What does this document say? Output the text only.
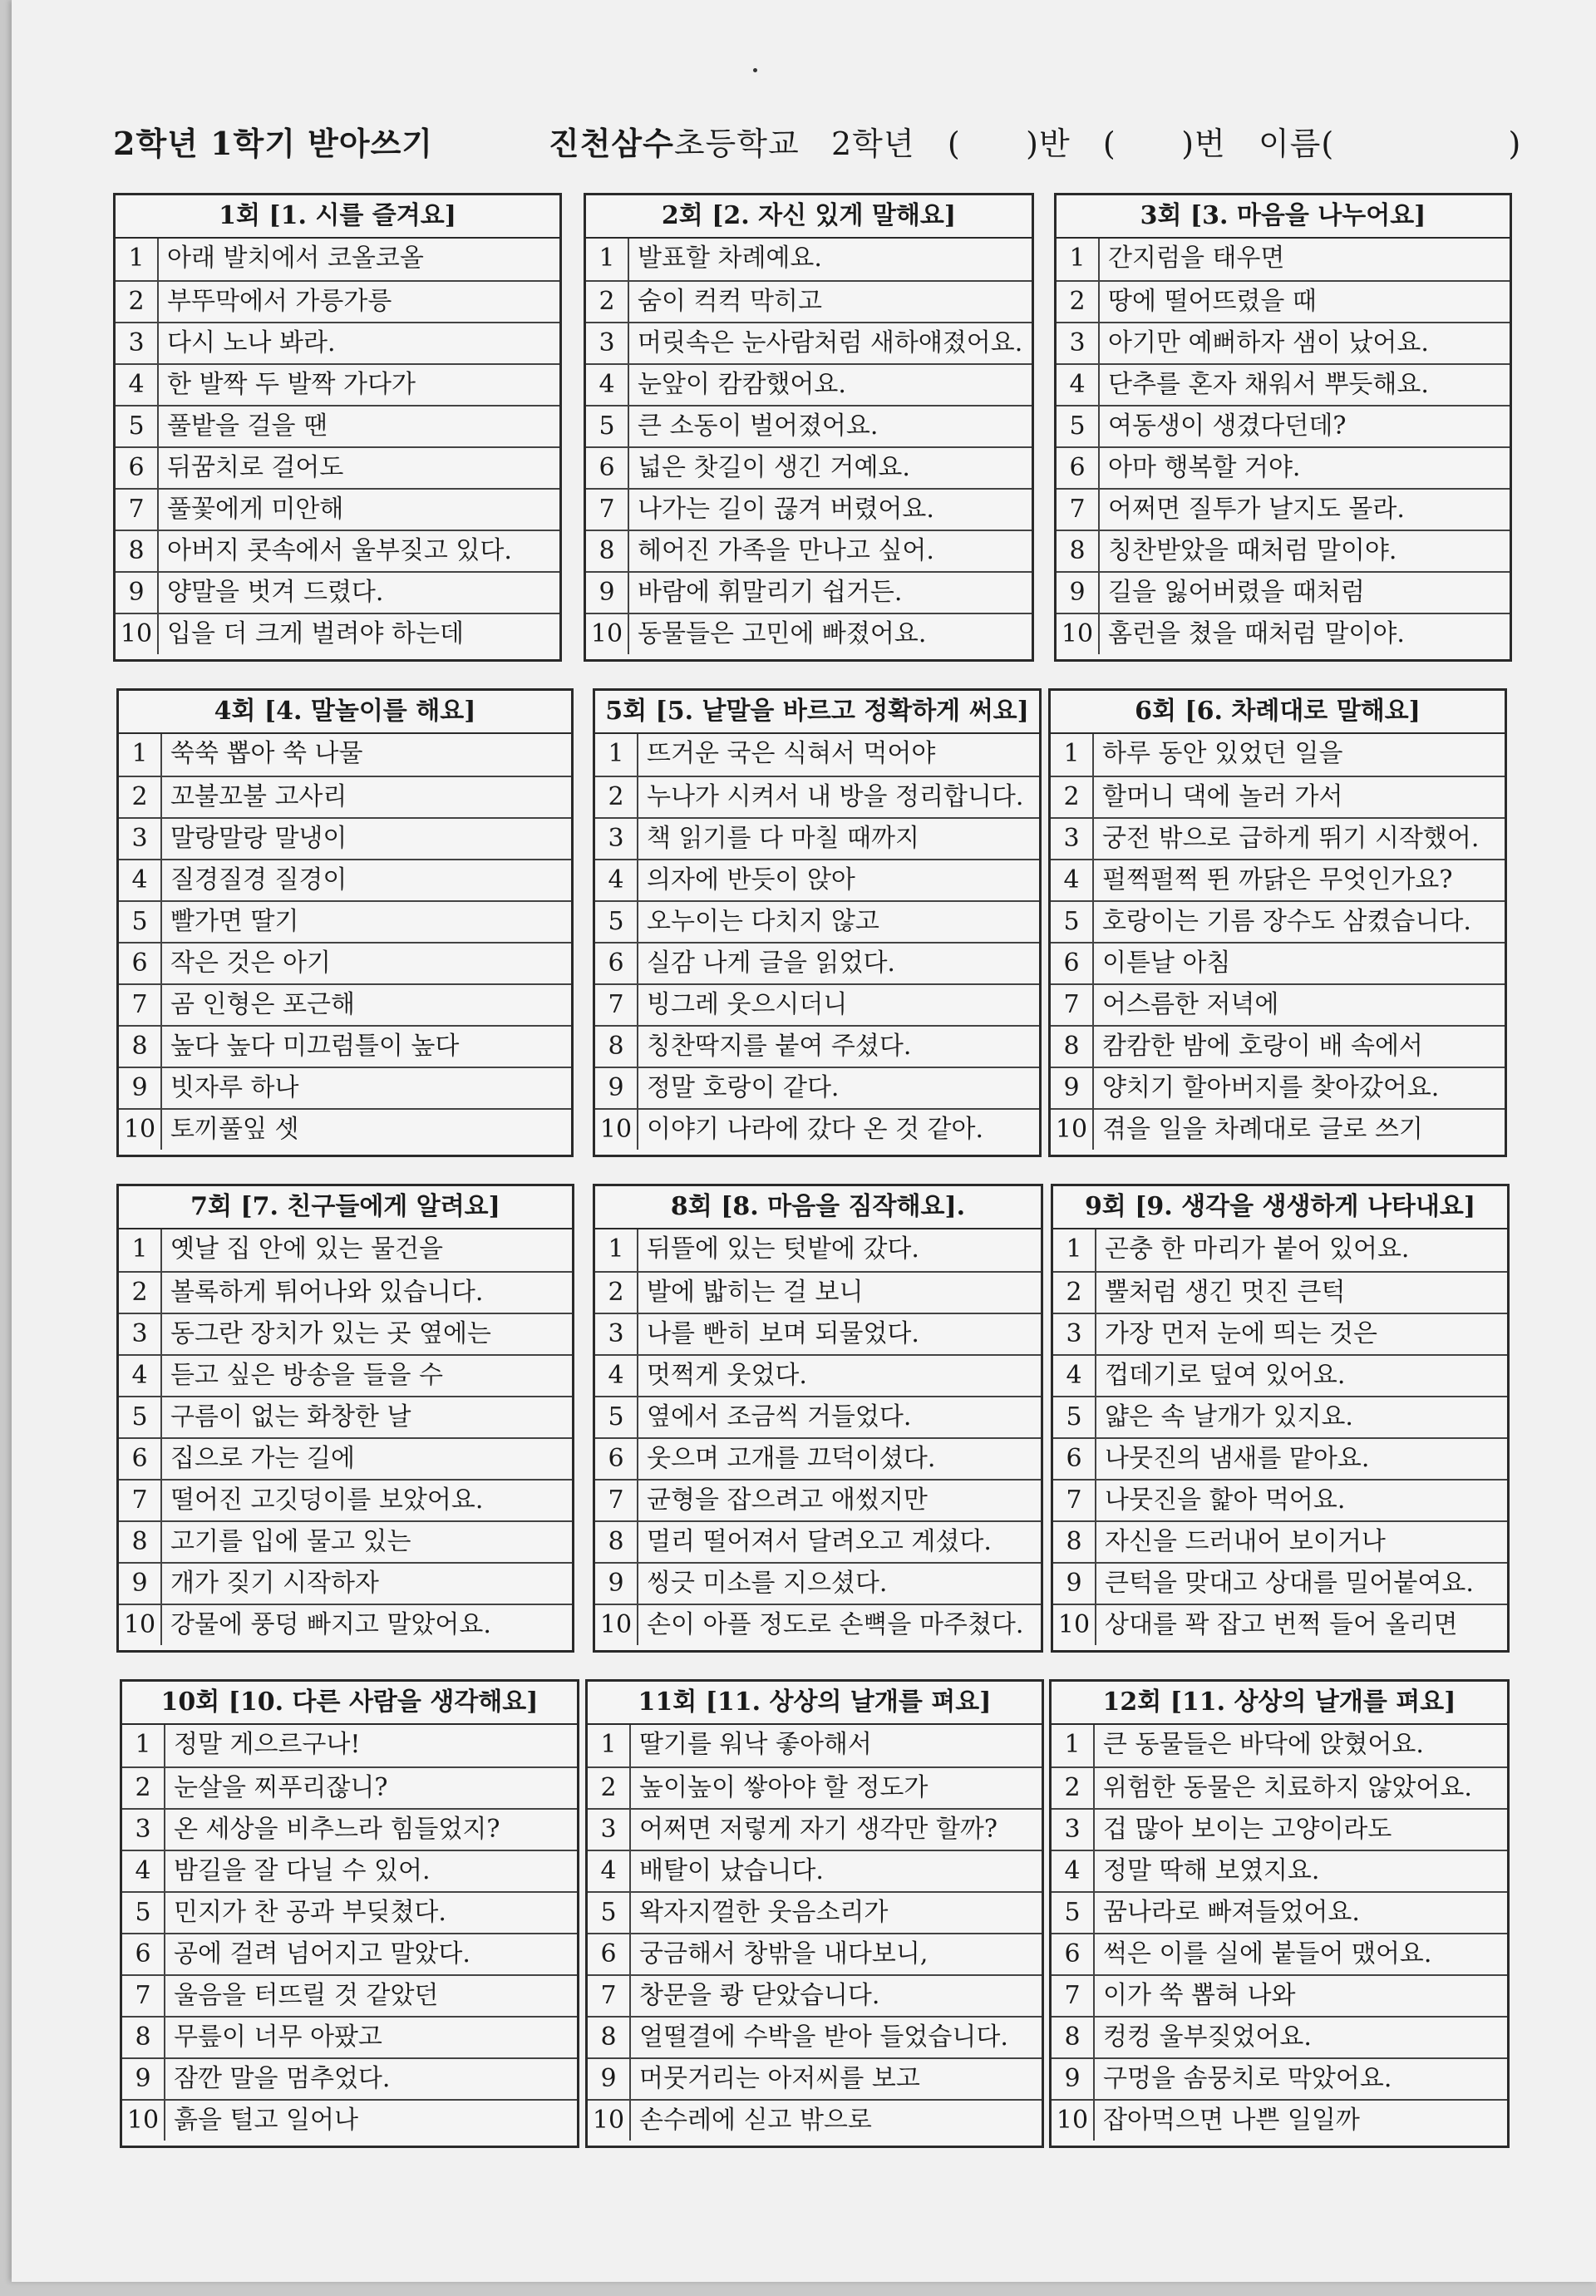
2학년 1학기 받아쓰기	진천삼수초등학교 2학년   (      )반   (      )번   이름(                )
1회 [1. 시를 즐겨요]
1 아래 발치에서 코올코올
2 부뚜막에서 가릉가릉
3 다시 노나 봐라.
4 한 발짝 두 발짝 가다가
5 풀밭을 걸을 땐
6 뒤꿈치로 걸어도
7 풀꽃에게 미안해
8 아버지 콧속에서 울부짖고 있다.
9 양말을 벗겨 드렸다.
10 입을 더 크게 벌려야 하는데
2회 [2. 자신 있게 말해요]
1 발표할 차례예요.
2 숨이 컥컥 막히고
3 머릿속은 눈사람처럼 새하얘졌어요.
4 눈앞이 캄캄했어요.
5 큰 소동이 벌어졌어요.
6 넓은 찻길이 생긴 거예요.
7 나가는 길이 끊겨 버렸어요.
8 헤어진 가족을 만나고 싶어.
9 바람에 휘말리기 쉽거든.
10 동물들은 고민에 빠졌어요.
3회 [3. 마음을 나누어요]
1 간지럼을 태우면
2 땅에 떨어뜨렸을 때
3 아기만 예뻐하자 샘이 났어요.
4 단추를 혼자 채워서 뿌듯해요.
5 여동생이 생겼다던데?
6 아마 행복할 거야.
7 어쩌면 질투가 날지도 몰라.
8 칭찬받았을 때처럼 말이야.
9 길을 잃어버렸을 때처럼
10 홈런을 쳤을 때처럼 말이야.
4회 [4. 말놀이를 해요]
1 쑥쑥 뽑아 쑥 나물
2 꼬불꼬불 고사리
3 말랑말랑 말냉이
4 질경질경 질경이
5 빨가면 딸기
6 작은 것은 아기
7 곰 인형은 포근해
8 높다 높다 미끄럼틀이 높다
9 빗자루 하나
10 토끼풀잎 셋
5회 [5. 낱말을 바르고 정확하게 써요]
1 뜨거운 국은 식혀서 먹어야
2 누나가 시켜서 내 방을 정리합니다.
3 책 읽기를 다 마칠 때까지
4 의자에 반듯이 앉아
5 오누이는 다치지 않고
6 실감 나게 글을 읽었다.
7 빙그레 웃으시더니
8 칭찬딱지를 붙여 주셨다.
9 정말 호랑이 같다.
10 이야기 나라에 갔다 온 것 같아.
6회 [6. 차례대로 말해요]
1 하루 동안 있었던 일을
2 할머니 댁에 놀러 가서
3 궁전 밖으로 급하게 뛰기 시작했어.
4 펄쩍펄쩍 뛴 까닭은 무엇인가요?
5 호랑이는 기름 장수도 삼켰습니다.
6 이튿날 아침
7 어스름한 저녁에
8 캄캄한 밤에 호랑이 배 속에서
9 양치기 할아버지를 찾아갔어요.
10 겪을 일을 차례대로 글로 쓰기
7회 [7. 친구들에게 알려요]
1 옛날 집 안에 있는 물건을
2 볼록하게 튀어나와 있습니다.
3 동그란 장치가 있는 곳 옆에는
4 듣고 싶은 방송을 들을 수
5 구름이 없는 화창한 날
6 집으로 가는 길에
7 떨어진 고깃덩이를 보았어요.
8 고기를 입에 물고 있는
9 개가 짖기 시작하자
10 강물에 풍덩 빠지고 말았어요.
8회 [8. 마음을 짐작해요].
1 뒤뜰에 있는 텃밭에 갔다.
2 발에 밟히는 걸 보니
3 나를 빤히 보며 되물었다.
4 멋쩍게 웃었다.
5 옆에서 조금씩 거들었다.
6 웃으며 고개를 끄덕이셨다.
7 균형을 잡으려고 애썼지만
8 멀리 떨어져서 달려오고 계셨다.
9 씽긋 미소를 지으셨다.
10 손이 아플 정도로 손뼉을 마주쳤다.
9회 [9. 생각을 생생하게 나타내요]
1 곤충 한 마리가 붙어 있어요.
2 뿔처럼 생긴 멋진 큰턱
3 가장 먼저 눈에 띄는 것은
4 껍데기로 덮여 있어요.
5 얇은 속 날개가 있지요.
6 나뭇진의 냄새를 맡아요.
7 나뭇진을 핥아 먹어요.
8 자신을 드러내어 보이거나
9 큰턱을 맞대고 상대를 밀어붙여요.
10 상대를 꽉 잡고 번쩍 들어 올리면
10회 [10. 다른 사람을 생각해요]
1 정말 게으르구나!
2 눈살을 찌푸리잖니?
3 온 세상을 비추느라 힘들었지?
4 밤길을 잘 다닐 수 있어.
5 민지가 찬 공과 부딪쳤다.
6 공에 걸려 넘어지고 말았다.
7 울음을 터뜨릴 것 같았던
8 무릎이 너무 아팠고
9 잠깐 말을 멈추었다.
10 흙을 털고 일어나
11회 [11. 상상의 날개를 펴요]
1 딸기를 워낙 좋아해서
2 높이높이 쌓아야 할 정도가
3 어쩌면 저렇게 자기 생각만 할까?
4 배탈이 났습니다.
5 왁자지껄한 웃음소리가
6 궁금해서 창밖을 내다보니,
7 창문을 쾅 닫았습니다.
8 얼떨결에 수박을 받아 들었습니다.
9 머뭇거리는 아저씨를 보고
10 손수레에 싣고 밖으로
12회 [11. 상상의 날개를 펴요]
1 큰 동물들은 바닥에 앉혔어요.
2 위험한 동물은 치료하지 않았어요.
3 겁 많아 보이는 고양이라도
4 정말 딱해 보였지요.
5 꿈나라로 빠져들었어요.
6 썩은 이를 실에 붙들어 맸어요.
7 이가 쑥 뽑혀 나와
8 컹컹 울부짖었어요.
9 구멍을 솜뭉치로 막았어요.
10 잡아먹으면 나쁜 일일까
